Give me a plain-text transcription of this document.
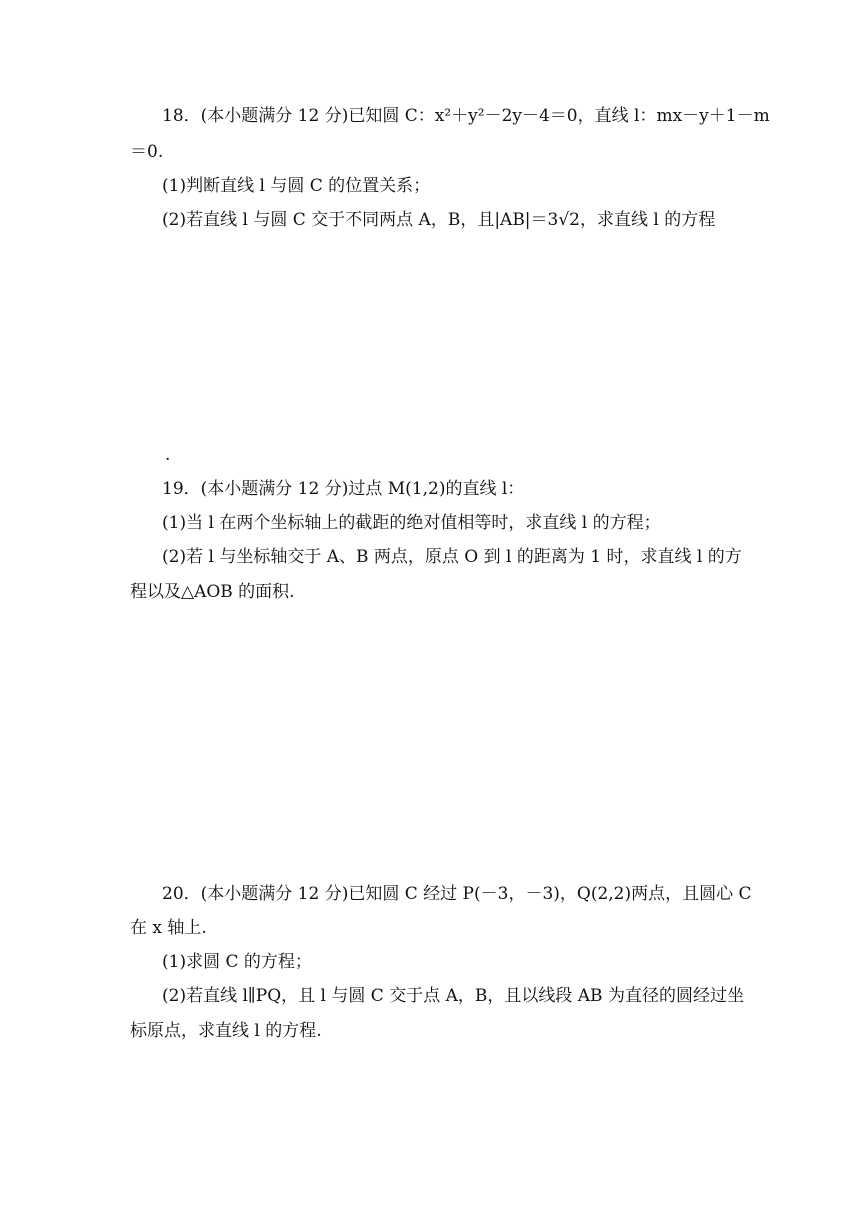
18．(本小题满分 12 分)已知圆 C：x²＋y²－2y－4＝0，直线 l：mx－y＋1－m
＝0.
(1)判断直线 l 与圆 C 的位置关系；
(2)若直线 l 与圆 C 交于不同两点 A，B，且|AB|＝3√2，求直线 l 的方程
.
19．(本小题满分 12 分)过点 M(1,2)的直线 l：
(1)当 l 在两个坐标轴上的截距的绝对值相等时，求直线 l 的方程；
(2)若 l 与坐标轴交于 A、B 两点，原点 O 到 l 的距离为 1 时，求直线 l 的方
程以及△AOB 的面积.
20．(本小题满分 12 分)已知圆 C 经过 P(－3，－3)，Q(2,2)两点，且圆心 C
在 x 轴上.
(1)求圆 C 的方程；
(2)若直线 l∥PQ，且 l 与圆 C 交于点 A，B，且以线段 AB 为直径的圆经过坐
标原点，求直线 l 的方程.
